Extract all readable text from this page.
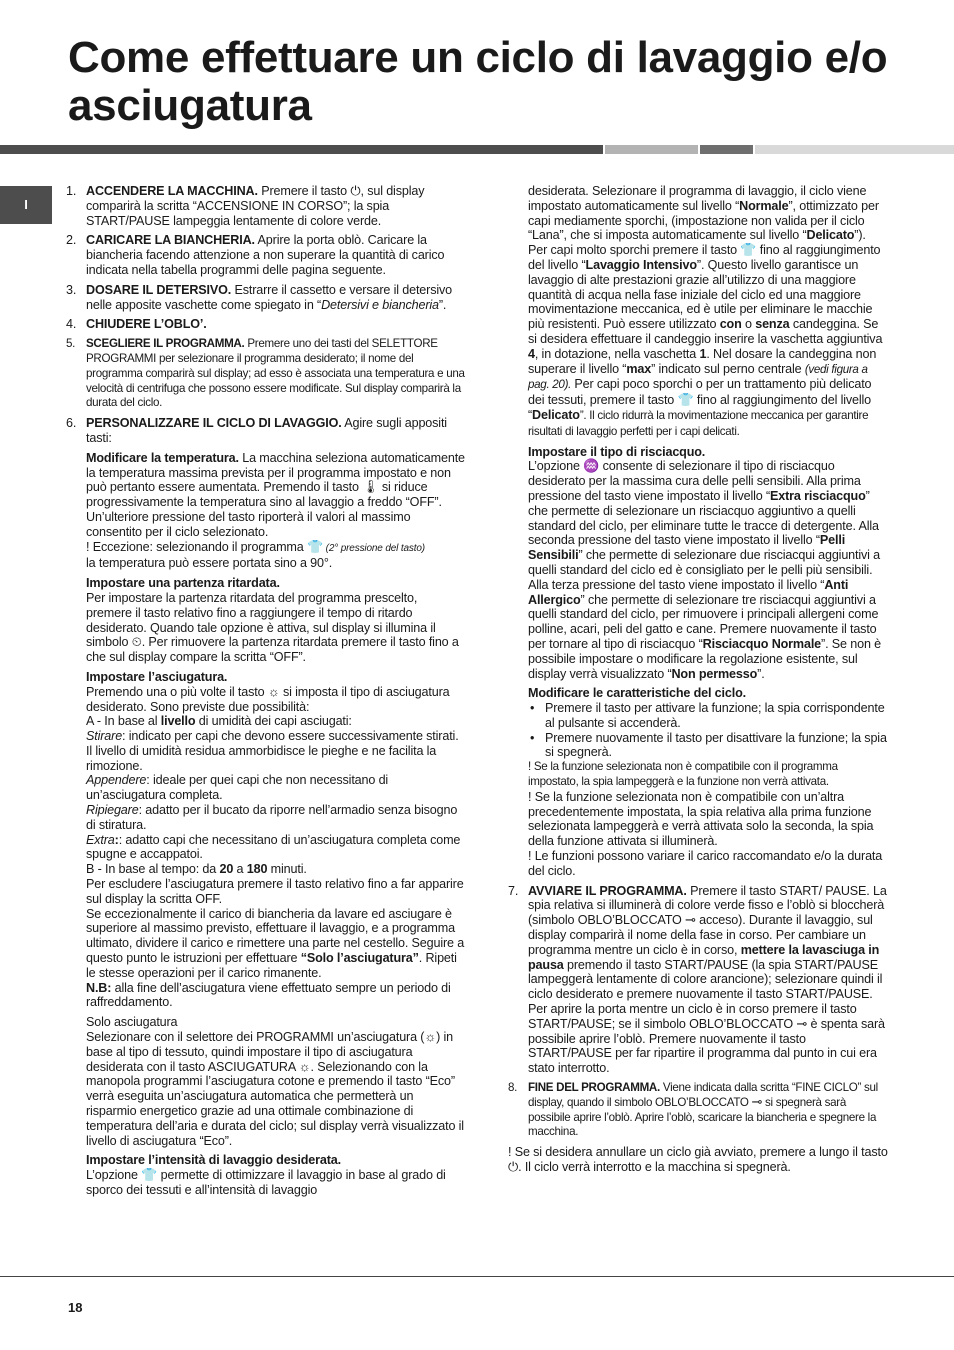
Come effettuare un ciclo di lavaggio e/o asciugatura
I
1. ACCENDERE LA MACCHINA. Premere il tasto ⏻, sul display comparirà la scritta “ACCENSIONE IN CORSO”; la spia START/PAUSE lampeggia lentamente di colore verde.
2. CARICARE LA BIANCHERIA. Aprire la porta oblò. Caricare la biancheria facendo attenzione a non superare la quantità di carico indicata nella tabella programmi delle pagina seguente.
3. DOSARE IL DETERSIVO. Estrarre il cassetto e versare il detersivo nelle apposite vaschette come spiegato in “Detersivi e biancheria”.
4. CHIUDERE L’OBLO’.
5. SCEGLIERE IL PROGRAMMA. Premere uno dei tasti del SELETTORE PROGRAMMI per selezionare il programma desiderato; il nome del programma comparirà sul display; ad esso è associata una temperatura e una velocità di centrifuga che possono essere modificate. Sul display comparirà la durata del ciclo.
6. PERSONALIZZARE IL CICLO DI LAVAGGIO. Agire sugli appositi tasti:

Modificare la temperatura. La macchina seleziona automaticamente la temperatura massima prevista per il programma impostato e non può pertanto essere aumentata. Premendo il tasto 🌡 si riduce progressivamente la temperatura sino al lavaggio a freddo “OFF”. Un’ulteriore pressione del tasto riporterà il valori al massimo consentito per il ciclo selezionato.

! Eccezione: selezionando il programma 👕 (2° pressione del tasto)

la temperatura può essere portata sino a 90°.

Impostare una partenza ritardata.

Per impostare la partenza ritardata del programma prescelto, premere il tasto relativo fino a raggiungere il tempo di ritardo desiderato. Quando tale opzione è attiva, sul display si illumina il simbolo ⏲. Per rimuovere la partenza ritardata premere il tasto fino a che sul display compare la scritta “OFF”.

Impostare l’asciugatura.

Premendo una o più volte il tasto ☼ si imposta il tipo di asciugatura desiderato. Sono previste due possibilità:

A - In base al livello di umidità dei capi asciugati:

Stirare: indicato per capi che devono essere successivamente stirati. Il livello di umidità residua ammorbidisce le pieghe e ne facilita la rimozione.

Appendere: ideale per quei capi che non necessitano di un’asciugatura completa.

Ripiegare: adatto per il bucato da riporre nell’armadio senza bisogno di stiratura.

Extra:: adatto capi che necessitano di un’asciugatura completa come spugne e accappatoi.

B - In base al tempo: da 20 a 180 minuti.

Per escludere l’asciugatura premere il tasto relativo fino a far apparire sul display la scritta OFF.

Se eccezionalmente il carico di biancheria da lavare ed asciugare è superiore al massimo previsto, effettuare il lavaggio, e a programma ultimato, dividere il carico e rimettere una parte nel cestello. Seguire a questo punto le istruzioni per effettuare “Solo l’asciugatura”. Ripeti le stesse operazioni per il carico rimanente.

N.B: alla fine dell’asciugatura viene effettuato sempre un periodo di raffreddamento.

Solo asciugatura

Selezionare con il selettore dei PROGRAMMI un’asciugatura (☼) in base al tipo di tessuto, quindi impostare il tipo di asciugatura desiderata con il tasto ASCIUGATURA ☼. Selezionando con la manopola programmi l’asciugatura cotone e premendo il tasto “Eco” verrà eseguita un’asciugatura automatica che permetterà un risparmio energetico grazie ad una ottimale combinazione di temperatura dell’aria e durata del ciclo; sul display verrà visualizzato il livello di asciugatura “Eco”.

Impostare l’intensità di lavaggio desiderata.

L’opzione 👕 permette di ottimizzare il lavaggio in base al grado di sporco dei tessuti e all’intensità di lavaggio

desiderata. Selezionare il programma di lavaggio, il ciclo viene impostato automaticamente sul livello “Normale”, ottimizzato per capi mediamente sporchi, (impostazione non valida per il ciclo “Lana”, che si imposta automaticamente sul livello “Delicato”). Per capi molto sporchi premere il tasto 👕 fino al raggiungimento del livello “Lavaggio Intensivo”. Questo livello garantisce un lavaggio di alte prestazioni grazie all’utilizzo di una maggiore quantità di acqua nella fase iniziale del ciclo ed una maggiore movimentazione meccanica, ed è utile per eliminare le macchie più resistenti. Può essere utilizzato con o senza candeggina. Se si desidera effettuare il candeggio inserire la vaschetta aggiuntiva 4, in dotazione, nella vaschetta 1. Nel dosare la candeggina non superare il livello “max” indicato sul perno centrale (vedi figura a pag. 20). Per capi poco sporchi o per un trattamento più delicato dei tessuti, premere il tasto 👕 fino al raggiungimento del livello “Delicato”. Il ciclo ridurrà la movimentazione meccanica per garantire risultati di lavaggio perfetti per i capi delicati.

Impostare il tipo di risciacquo.

L’opzione ♒ consente di selezionare il tipo di risciacquo desiderato per la massima cura delle pelli sensibili. Alla prima pressione del tasto viene impostato il livello “Extra risciacquo” che permette di selezionare un risciacquo aggiuntivo a quelli standard del ciclo, per eliminare tutte le tracce di detergente. Alla seconda pressione del tasto viene impostato il livello “Pelli Sensibili” che permette di selezionare due risciacqui aggiuntivi a quelli standard del ciclo ed è consigliato per le pelli più sensibili. Alla terza pressione del tasto viene impostato il livello “Anti Allergico” che permette di selezionare tre risciacqui aggiuntivi a quelli standard del ciclo, per rimuovere i principali allergeni come polline, acari, peli del gatto e cane. Premere nuovamente il tasto per tornare al tipo di risciacquo “Risciacquo Normale”. Se non è possibile impostare o modificare la regolazione esistente, sul display verrà visualizzato “Non permesso”.

Modificare le caratteristiche del ciclo.

• Premere il tasto per attivare la funzione; la spia corrispondente al pulsante si accenderà.

• Premere nuovamente il tasto per disattivare la funzione; la spia si spegnerà.

! Se la funzione selezionata non è compatibile con il programma impostato, la spia lampeggerà e la funzione non verrà attivata.

! Se la funzione selezionata non è compatibile con un’altra precedentemente impostata, la spia relativa alla prima funzione selezionata lampeggerà e verrà attivata solo la seconda, la spia della funzione attivata si illuminerà.

! Le funzioni possono variare il carico raccomandato e/o la durata del ciclo.

7. AVVIARE IL PROGRAMMA. Premere il tasto START/ PAUSE. La spia relativa si illuminerà di colore verde fisso e l’oblò si bloccherà (simbolo OBLO’BLOCCATO ⊸ acceso). Durante il lavaggio, sul display comparirà il nome della fase in corso. Per cambiare un programma mentre un ciclo è in corso, mettere la lavasciuga in pausa premendo il tasto START/PAUSE (la spia START/PAUSE lampeggerà lentamente di colore arancione); selezionare quindi il ciclo desiderato e premere nuovamente il tasto START/PAUSE. Per aprire la porta mentre un ciclo è in corso premere il tasto START/PAUSE; se il simbolo OBLO’BLOCCATO ⊸ è spenta sarà possibile aprire l’oblò. Premere nuovamente il tasto START/PAUSE per far ripartire il programma dal punto in cui era stato interrotto.
8. FINE DEL PROGRAMMA. Viene indicata dalla scritta “FINE CICLO” sul display, quando il simbolo OBLO’BLOCCATO ⊸ si spegnerà sarà possibile aprire l’oblò. Aprire l’oblò, scaricare la biancheria e spegnere la macchina.

! Se si desidera annullare un ciclo già avviato, premere a lungo il tasto ⏻. Il ciclo verrà interrotto e la macchina si spegnerà.

18
